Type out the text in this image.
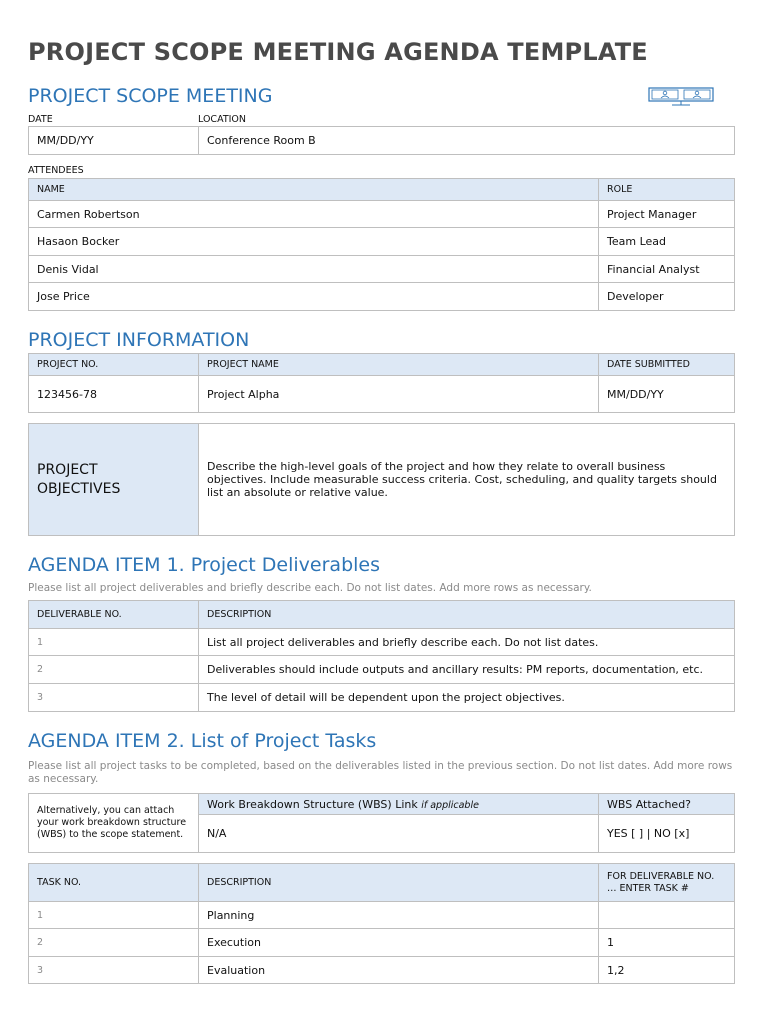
PROJECT SCOPE MEETING AGENDA TEMPLATE
PROJECT SCOPE MEETING
DATE	LOCATION
MM/DD/YY	Conference Room B
ATTENDEES
NAME	ROLE
Carmen Robertson	Project Manager
Hasaon Bocker	Team Lead
Denis Vidal	Financial Analyst
Jose Price	Developer
PROJECT INFORMATION
PROJECT NO.	PROJECT NAME	DATE SUBMITTED
123456-78	Project Alpha	MM/DD/YY
PROJECT OBJECTIVES	Describe the high-level goals of the project and how they relate to overall business objectives. Include measurable success criteria. Cost, scheduling, and quality targets should list an absolute or relative value.
AGENDA ITEM 1. Project Deliverables
Please list all project deliverables and briefly describe each. Do not list dates. Add more rows as necessary.
DELIVERABLE NO.	DESCRIPTION
1	List all project deliverables and briefly describe each. Do not list dates.
2	Deliverables should include outputs and ancillary results: PM reports, documentation, etc.
3	The level of detail will be dependent upon the project objectives.
AGENDA ITEM 2. List of Project Tasks
Please list all project tasks to be completed, based on the deliverables listed in the previous section. Do not list dates. Add more rows as necessary.
Alternatively, you can attach your work breakdown structure (WBS) to the scope statement.	Work Breakdown Structure (WBS) Link if applicable	WBS Attached?
	N/A	YES [ ] | NO [x]
TASK NO.	DESCRIPTION	FOR DELIVERABLE NO. … ENTER TASK #
1	Planning	
2	Execution	1
3	Evaluation	1,2
